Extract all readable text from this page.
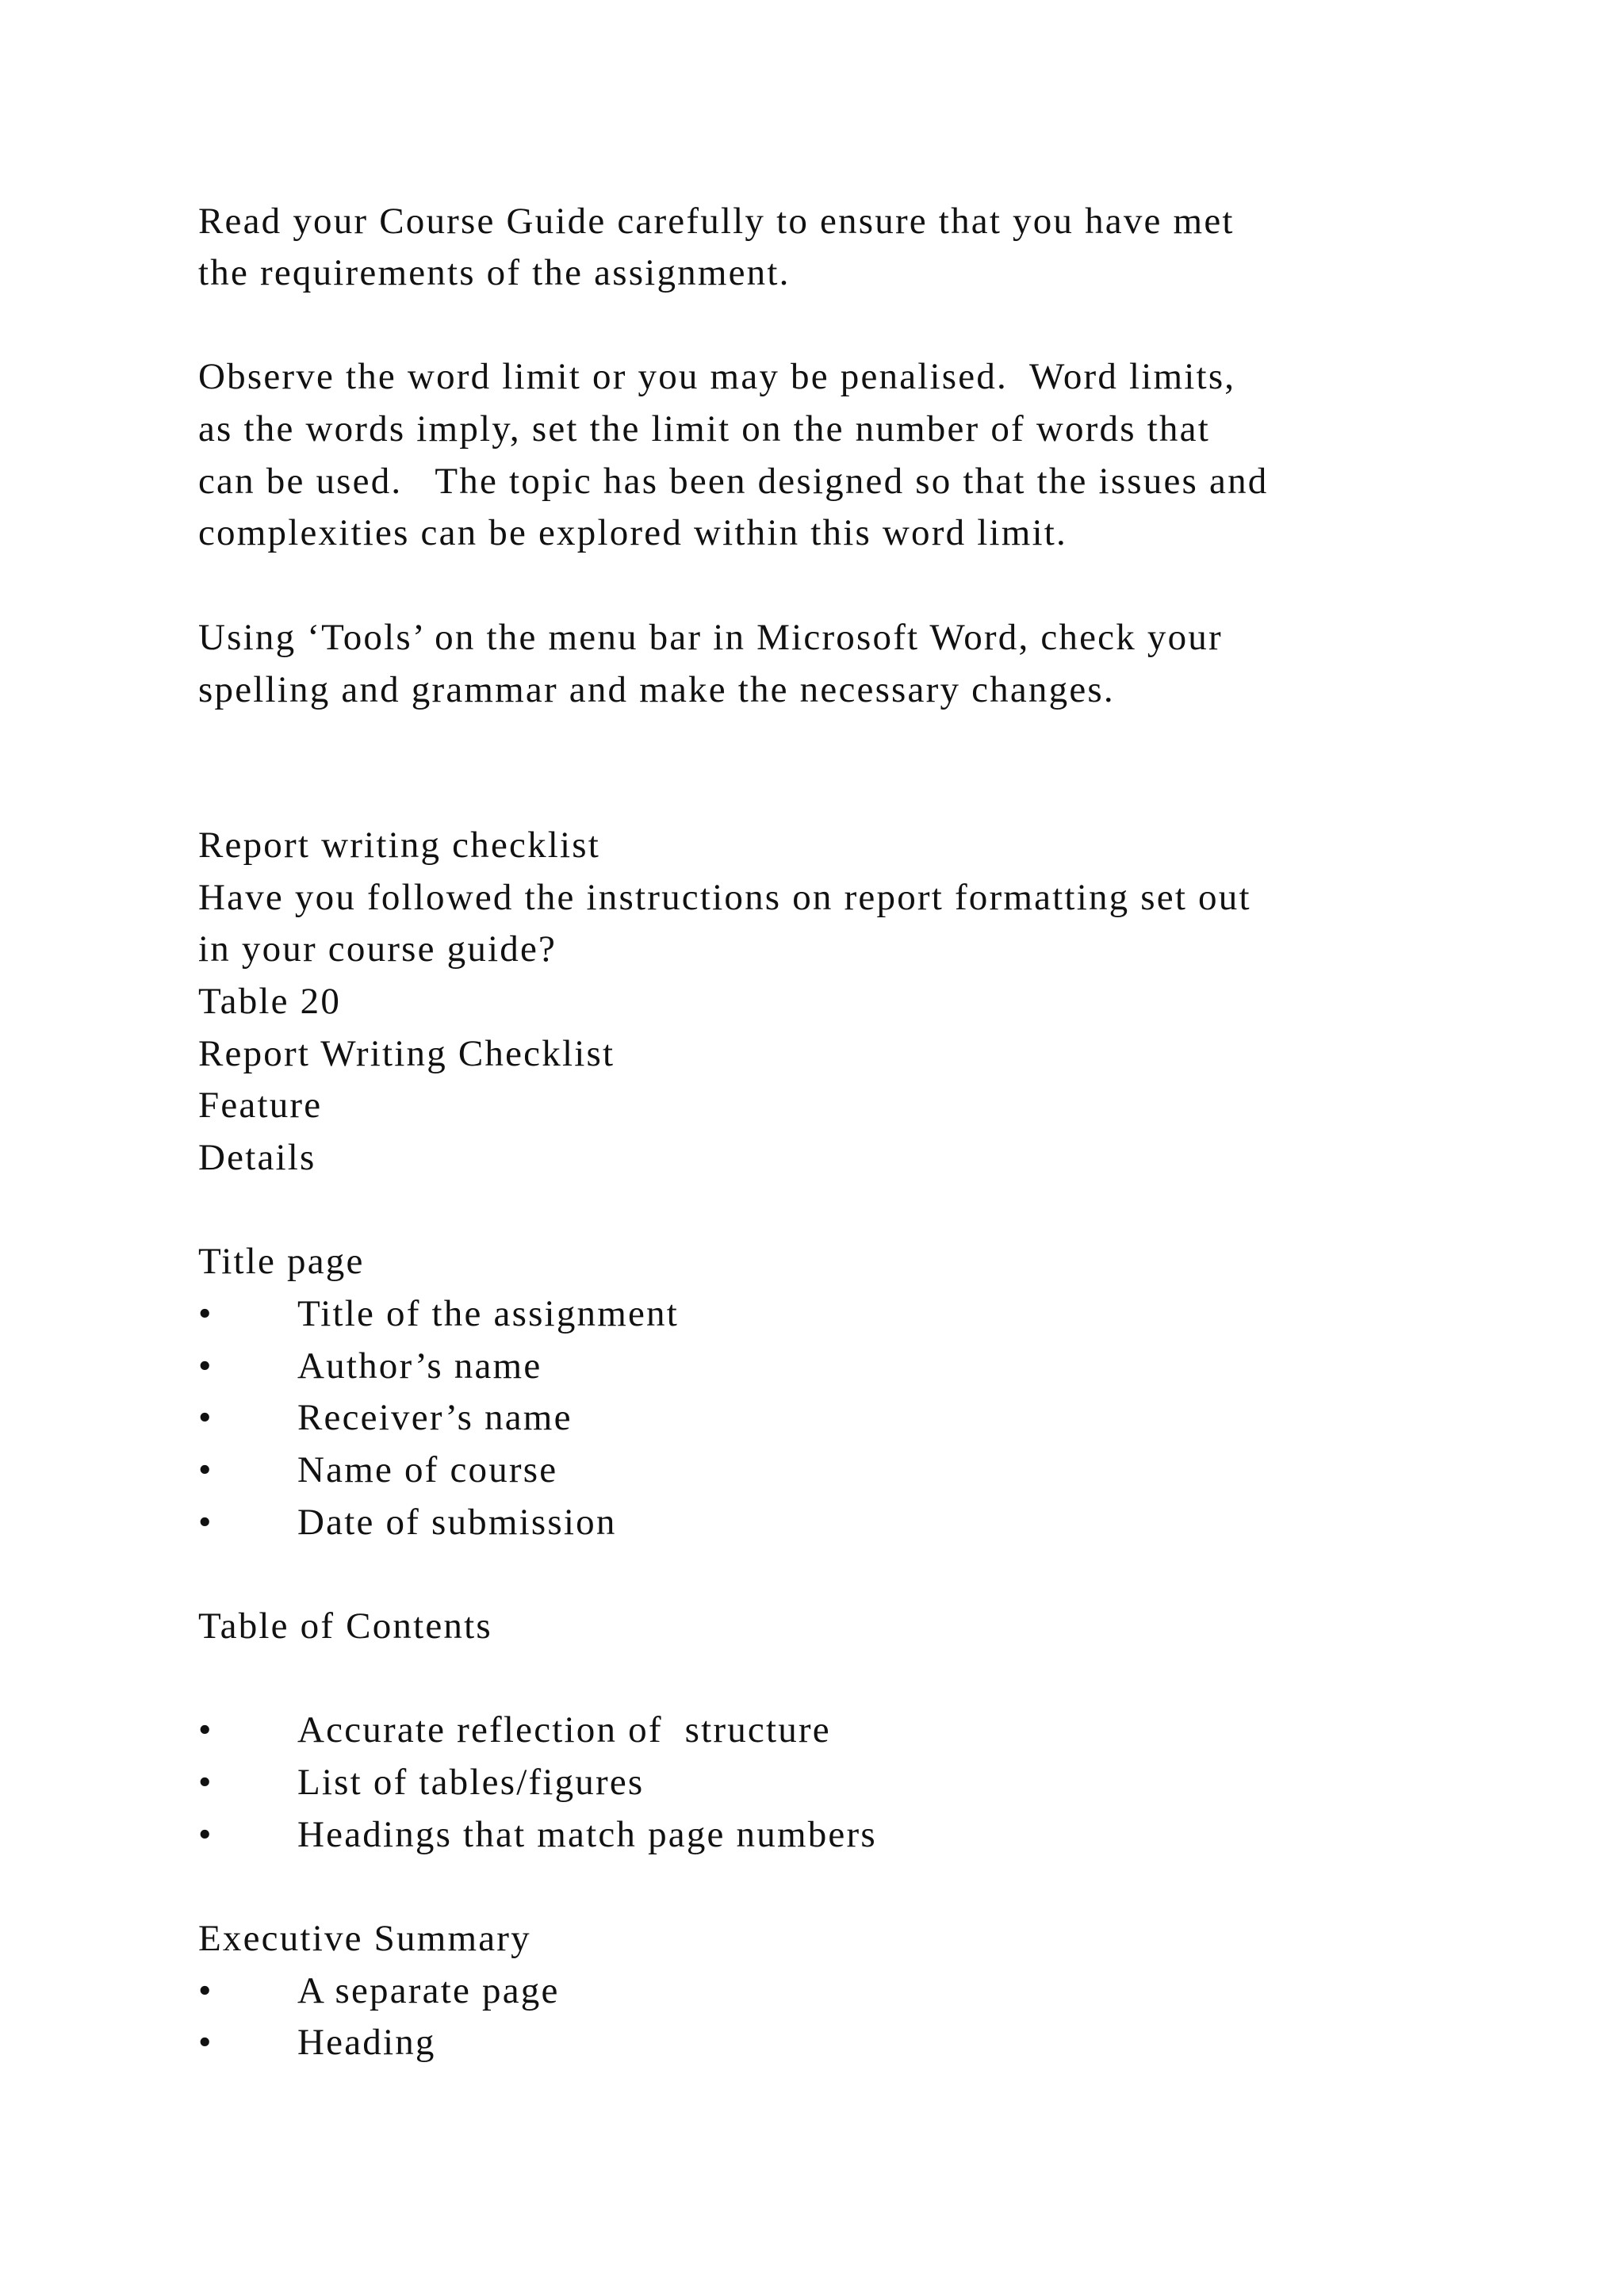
Read your Course Guide carefully to ensure that you have met
the requirements of the assignment.
Observe the word limit or you may be penalised.  Word limits,
as the words imply, set the limit on the number of words that
can be used.   The topic has been designed so that the issues and
complexities can be explored within this word limit.
Using ‘Tools’ on the menu bar in Microsoft Word, check your
spelling and grammar and make the necessary changes.
Report writing checklist
Have you followed the instructions on report formatting set out
in your course guide?
Table 20
Report Writing Checklist
Feature
Details
Title page
• Title of the assignment
• Author’s name
• Receiver’s name
• Name of course
• Date of submission
Table of Contents
• Accurate reflection of  structure
• List of tables/figures
• Headings that match page numbers
Executive Summary
• A separate page
• Heading
